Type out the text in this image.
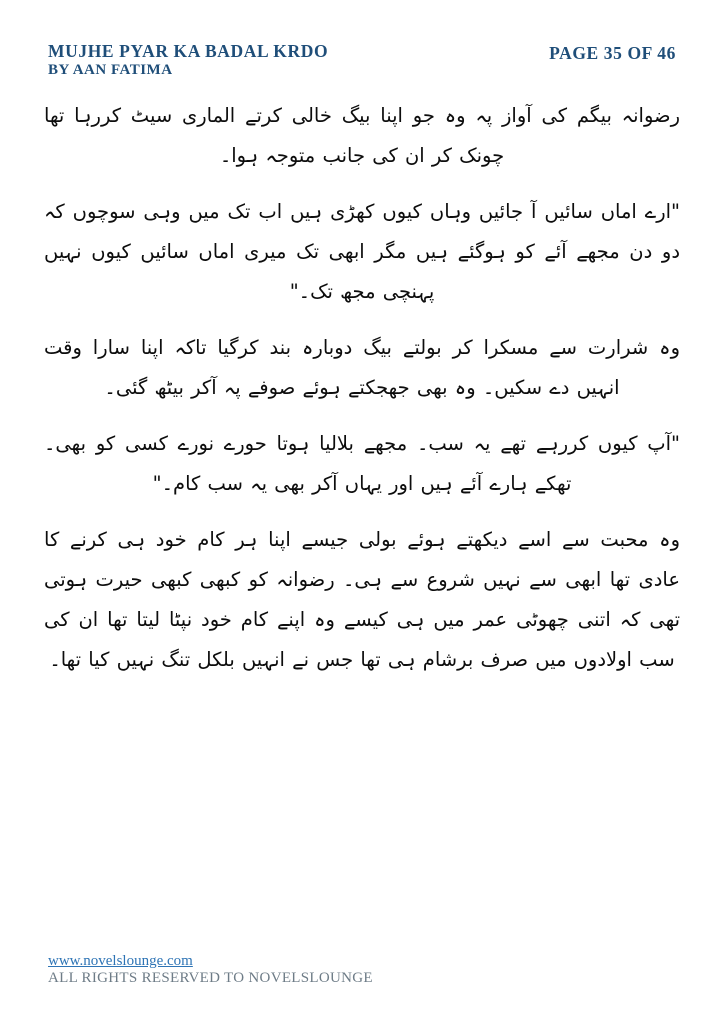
MUJHE PYAR KA BADAL KRDO
BY AAN FATIMA
PAGE 35 OF 46

رضوانہ بیگم کی آواز پہ وہ جو اپنا بیگ خالی کرتے الماری سیٹ کررہا تھا چونک کر ان کی جانب متوجہ ہوا۔

"ارے اماں سائیں آ جائیں وہاں کیوں کھڑی ہیں اب تک میں وہی سوچوں کہ دو دن مجھے آئے کو ہوگئے ہیں مگر ابھی تک میری اماں سائیں کیوں نہیں پہنچی مجھ تک۔"

وہ شرارت سے مسکرا کر بولتے بیگ دوبارہ بند کرگیا تاکہ اپنا سارا وقت انہیں دے سکیں۔ وہ بھی جھجکتے ہوئے صوفے پہ آکر بیٹھ گئی۔

"آپ کیوں کررہے تھے یہ سب۔ مجھے بلالیا ہوتا حورے نورے کسی کو بھی۔ تھکے ہارے آئے ہیں اور یہاں آکر بھی یہ سب کام۔"

وہ محبت سے اسے دیکھتے ہوئے بولی جیسے اپنا ہر کام خود ہی کرنے کا عادی تھا ابھی سے نہیں شروع سے ہی۔ رضوانہ کو کبھی کبھی حیرت ہوتی تھی کہ اتنی چھوٹی عمر میں ہی کیسے وہ اپنے کام خود نپٹا لیتا تھا ان کی سب اولادوں میں صرف برشام ہی تھا جس نے انہیں بلکل تنگ نہیں کیا تھا۔

www.novelslounge.com
ALL RIGHTS RESERVED TO NOVELSLOUNGE
